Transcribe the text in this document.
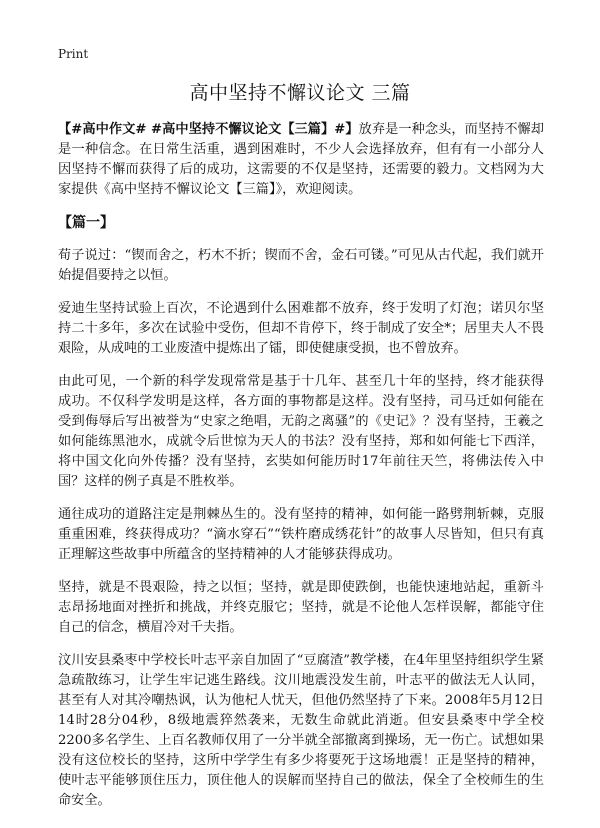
Print
高中坚持不懈议论文 三篇

【#高中作文# #高中坚持不懈议论文【三篇】#】放弃是一种念头，而坚持不懈却是一种信念。在日常生活重，遇到困难时，不少人会选择放弃，但有有一小部分人因坚持不懈而获得了后的成功，这需要的不仅是坚持，还需要的毅力。文档网为大家提供《高中坚持不懈议论文【三篇】》，欢迎阅读。

【篇一】

荀子说过：“锲而舍之，朽木不折；锲而不舍，金石可镂。”可见从古代起，我们就开始提倡要持之以恒。

爱迪生坚持试验上百次，不论遇到什么困难都不放弃，终于发明了灯泡；诺贝尔坚持二十多年，多次在试验中受伤，但却不肯停下，终于制成了安全*；居里夫人不畏艰险，从成吨的工业废渣中提炼出了镭，即使健康受损，也不曾放弃。

由此可见，一个新的科学发现常常是基于十几年、甚至几十年的坚持，终才能获得成功。不仅科学发明是这样，各方面的事物都是这样。没有坚持，司马迁如何能在受到侮辱后写出被誉为“史家之绝唱，无韵之离骚”的《史记》？没有坚持，王羲之如何能练黑池水，成就令后世惊为天人的书法？没有坚持，郑和如何能七下西洋，将中国文化向外传播？没有坚持，玄奘如何能历时17年前往天竺，将佛法传入中国？这样的例子真是不胜枚举。

通往成功的道路注定是荆棘丛生的。没有坚持的精神，如何能一路劈荆斩棘，克服重重困难，终获得成功？“滴水穿石”“铁杵磨成绣花针”的故事人尽皆知，但只有真正理解这些故事中所蕴含的坚持精神的人才能够获得成功。

坚持，就是不畏艰险，持之以恒；坚持，就是即使跌倒，也能快速地站起，重新斗志昂扬地面对挫折和挑战，并终克服它；坚持，就是不论他人怎样误解，都能守住自己的信念，横眉冷对千夫指。

汶川安县桑枣中学校长叶志平亲自加固了“豆腐渣”教学楼，在4年里坚持组织学生紧急疏散练习，让学生牢记逃生路线。汶川地震没发生前，叶志平的做法无人认同，甚至有人对其冷嘲热讽，认为他杞人忧天，但他仍然坚持了下来。2008年5月12日14时28分04秒，8级地震猝然袭来，无数生命就此消逝。但安县桑枣中学全校2200多名学生、上百名教师仅用了一分半就全部撤离到操场，无一伤亡。试想如果没有这位校长的坚持，这所中学学生有多少将要死于这场地震！正是坚持的精神，使叶志平能够顶住压力，顶住他人的误解而坚持自己的做法，保全了全校师生的生命安全。
